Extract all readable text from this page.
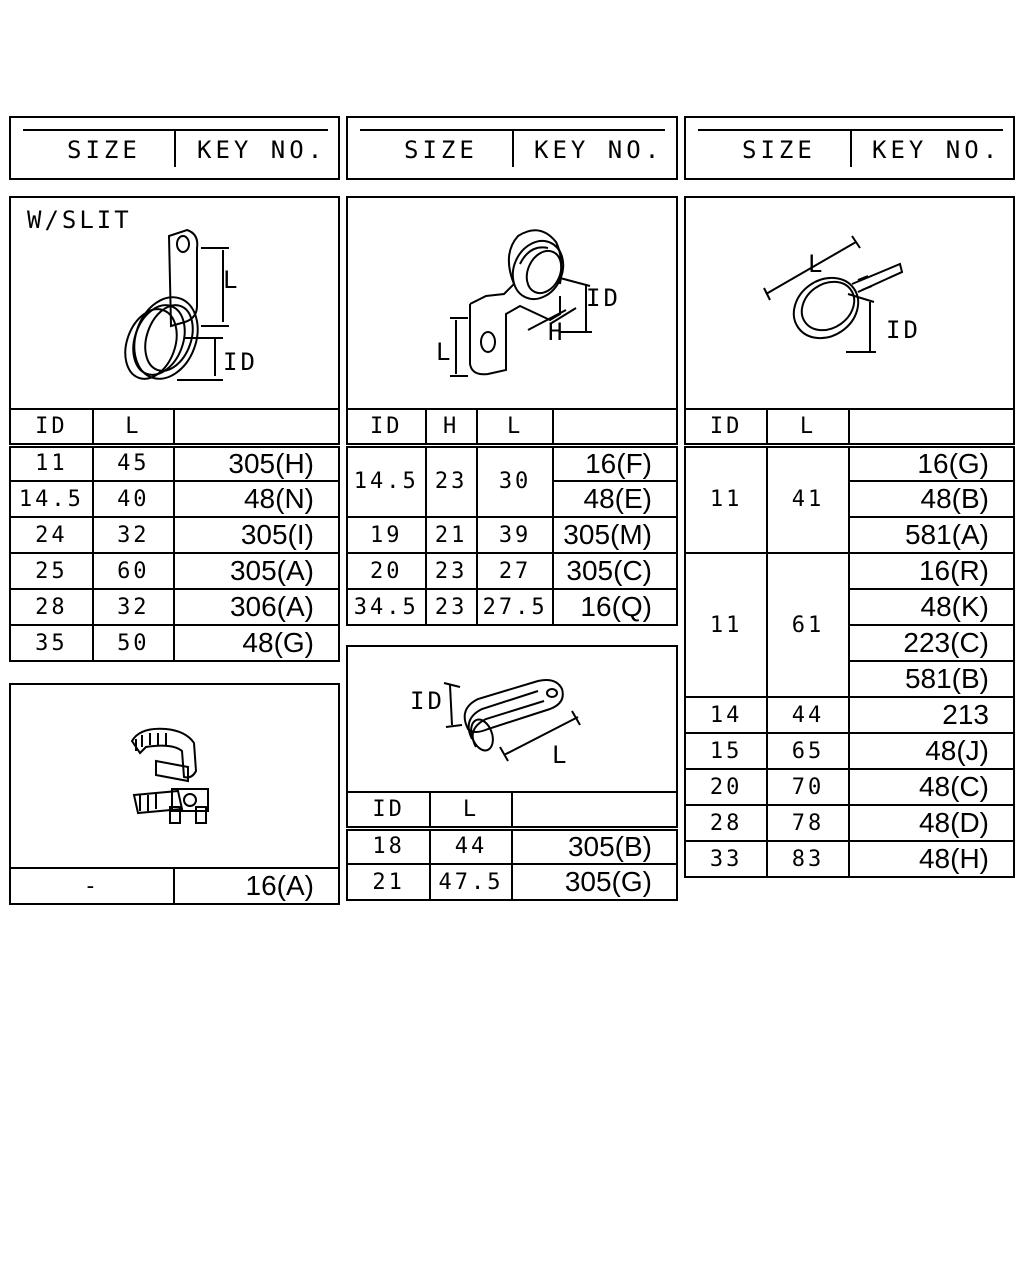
SIZE KEY NO.	SIZE KEY NO.	SIZE KEY NO.
W/SLIT
L
ID
ID	L	
11	45	305(H)
14.5	40	48(N)
24	32	305(I)
25	60	305(A)
28	32	306(A)
35	50	48(G)
-	16(A)
L
H
ID
ID	H	L	
14.5	23	30	16(F)
			48(E)
19	21	39	305(M)
20	23	27	305(C)
34.5	23	27.5	16(Q)
ID
L
ID	L	
18	44	305(B)
21	47.5	305(G)
L
ID
ID	L	
11	41	16(G)
		48(B)
		581(A)
11	61	16(R)
		48(K)
		223(C)
		581(B)
14	44	213
15	65	48(J)
20	70	48(C)
28	78	48(D)
33	83	48(H)
